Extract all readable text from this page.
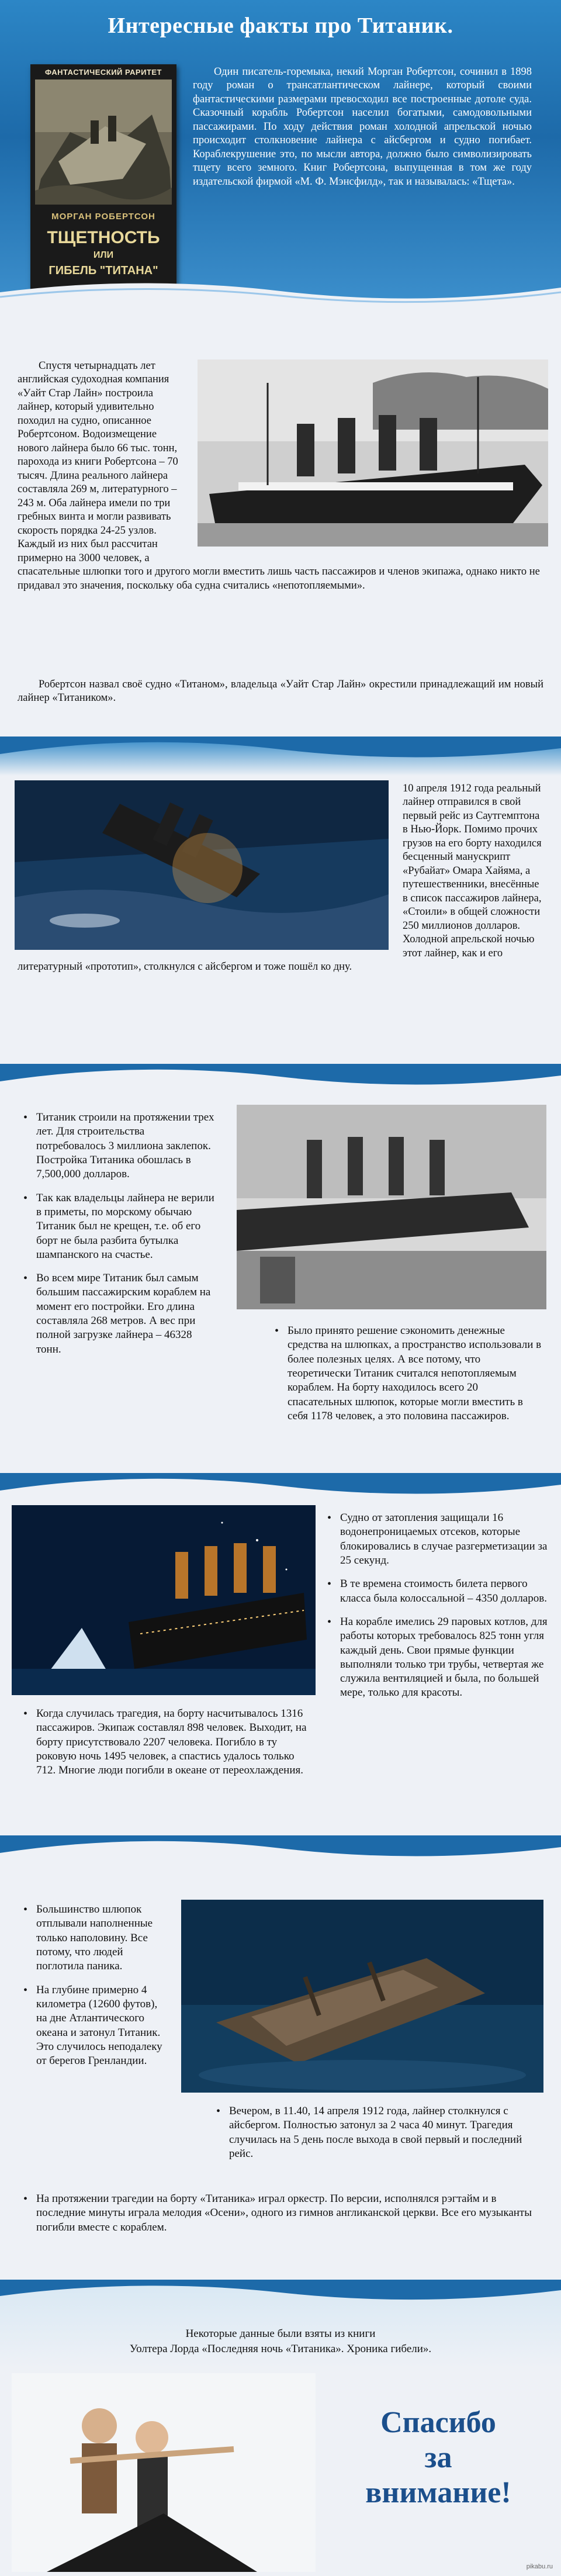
Интересные факты про Титаник.
ФАНТАСТИЧЕСКИЙ РАРИТЕТ
МОРГАН РОБЕРТСОН
ТЩЕТНОСТЬ
ИЛИ
ГИБЕЛЬ "ТИТАНА"
Один писатель-горемыка, некий Морган Робертсон, сочинил в 1898 году роман о трансатлантическом лайнере, который своими фантастическими размерами превосходил все построенные дотоле суда. Сказочный корабль Робертсон населил богатыми, самодовольными пассажирами. По ходу действия роман холодной апрельской ночью происходит столкновение лайнера с айсбергом и судно погибает. Кораблекрушение это, по мысли автора, должно было символизировать тщету всего земного. Книг Робертсона, выпущенная в том же году издательской фирмой «М. Ф. Мэнсфилд», так и называлась: «Тщета».
Спустя четырнадцать лет английская судоходная компания «Уайт Стар Лайн» построила лайнер, который удивительно походил на судно, описанное Робертсоном. Водоизмещение нового лайнера было 66 тыс. тонн, парохода из книги Робертсона – 70 тысяч. Длина реального лайнера составляла 269 м, литературного – 243 м. Оба лайнера имели по три гребных винта и могли развивать скорость порядка 24-25 узлов. Каждый из них был рассчитан примерно на 3000 человек, а спасательные шлюпки того и другого могли вместить лишь часть пассажиров и членов экипажа, однако никто не придавал это значения, поскольку оба судна считались «непотопляемыми».
Робертсон назвал своё судно «Титаном», владельца «Уайт Стар Лайн» окрестили принадлежащий им новый лайнер «Титаником».
10 апреля 1912 года реальный лайнер отправился в свой первый рейс из Саутгемптона в Нью-Йорк. Помимо прочих грузов на его борту находился бесценный манускрипт «Рубайат» Омара Хайяма, а путешественники, внесённые в список пассажиров лайнера, «Стоили» в общей сложности 250 миллионов долларов. Холодной апрельской ночью этот лайнер, как и его литературный «прототип», столкнулся с айсбергом и тоже пошёл ко дну.
• Титаник строили на протяжении трех лет. Для строительства потребовалось 3 миллиона заклепок. Постройка Титаника обошлась в 7,500,000 долларов.
• Так как владельцы лайнера не верили в приметы, по морскому обычаю Титаник был не крещен, т.е. об его борт не была разбита бутылка шампанского на счастье.
• Во всем мире Титаник был самым большим пассажирским кораблем на момент его постройки. Его длина составляла 268 метров. А вес при полной загрузке лайнера – 46328 тонн.
• Было принято решение сэкономить денежные средства на шлюпках, а пространство использовали в более полезных целях. А все потому, что теоретически Титаник считался непотопляемым кораблем. На борту находилось всего 20 спасательных шлюпок, которые могли вместить в себя 1178 человек, а это половина пассажиров.
• Судно от затопления защищали 16 водонепроницаемых отсеков, которые блокировались в случае разгерметизации за 25 секунд.
• В те времена стоимость билета первого класса была колоссальной – 4350 долларов.
• На корабле имелись 29 паровых котлов, для работы которых требовалось 825 тонн угля каждый день. Свои прямые функции выполняли только три трубы, четвертая же служила вентиляцией и была, по большей мере, только для красоты.
• Когда случилась трагедия, на борту насчитывалось 1316 пассажиров. Экипаж составлял 898 человек. Выходит, на борту присутствовало 2207 человека. Погибло в ту роковую ночь 1495 человек, а спастись удалось только 712. Многие люди погибли в океане от переохлаждения.
• Большинство шлюпок отплывали наполненные только наполовину. Все потому, что людей поглотила паника.
• На глубине примерно 4 километра (12600 футов), на дне Атлантического океана и затонул Титаник. Это случилось неподалеку от берегов Гренландии.
• Вечером, в 11.40, 14 апреля 1912 года, лайнер столкнулся с айсбергом. Полностью затонул за 2 часа 40 минут. Трагедия случилась на 5 день после выхода в свой первый и последний рейс.
• На протяжении трагедии на борту «Титаника» играл оркестр. По версии, исполнялся рэгтайм и в последние минуты играла мелодия «Осени», одного из гимнов англиканской церкви. Все его музыканты погибли вместе с кораблем.
Некоторые данные были взяты из книги
Уолтера Лорда «Последняя ночь «Титаника». Хроника гибели».
Спасибо
за
внимание!
pikabu.ru
